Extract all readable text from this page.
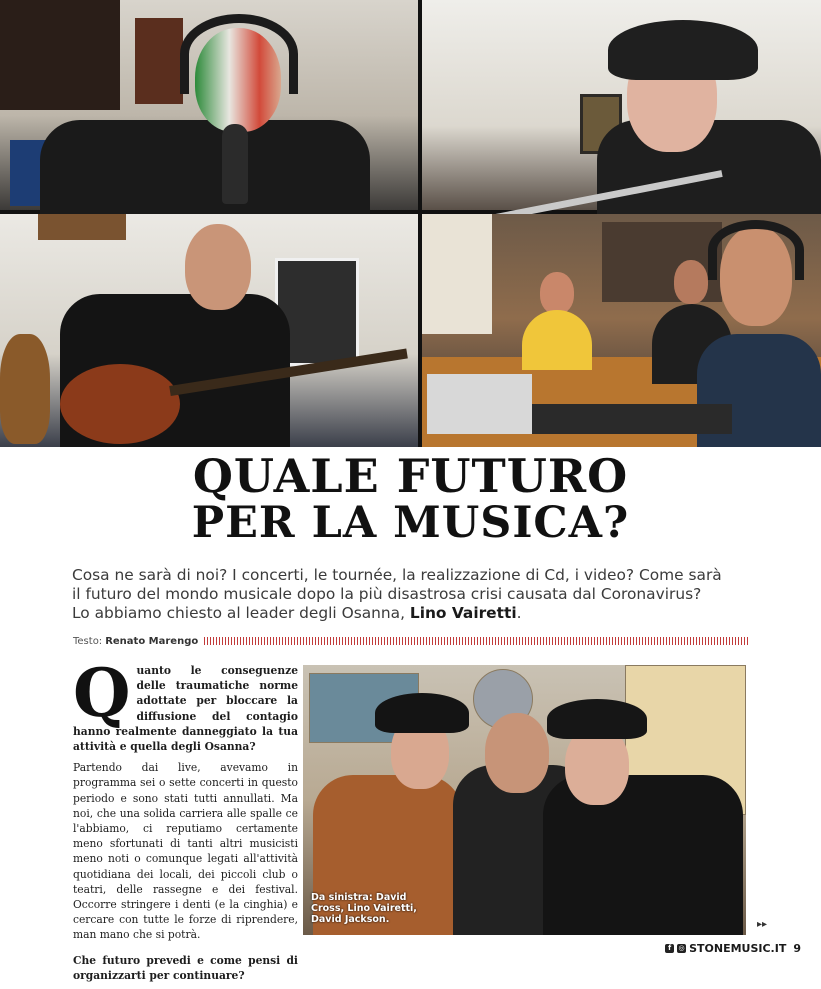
QUALE FUTURO
PER LA MUSICA?
Cosa ne sarà di noi? I concerti, le tournée, la realizzazione di Cd, i video? Come sarà
il futuro del mondo musicale dopo la più disastrosa crisi causata dal Coronavirus?
Lo abbiamo chiesto al leader degli Osanna, Lino Vairetti.
Testo: Renato Marengo
Q uanto le conseguenze delle traumatiche norme adottate per bloccare la diffusione del contagio hanno realmente danneggiato la tua attività e quella degli Osanna?

Partendo dai live, avevamo in programma sei o sette concerti in questo periodo e sono stati tutti annullati. Ma noi, che una solida carriera alle spalle ce l'abbiamo, ci reputiamo certamente meno sfortunati di tanti altri musicisti meno noti o comunque legati all'attività quotidiana dei locali, dei piccoli club o teatri, delle rassegne e dei festival. Occorre stringere i denti (e la cinghia) e cercare con tutte le forze di riprendere, man mano che si potrà.

Che futuro prevedi e come pensi di organizzarti per continuare?

Da sinistra: David Cross, Lino Vairetti, David Jackson.	▸▸
f	◎ STONEMUSIC.IT 9
